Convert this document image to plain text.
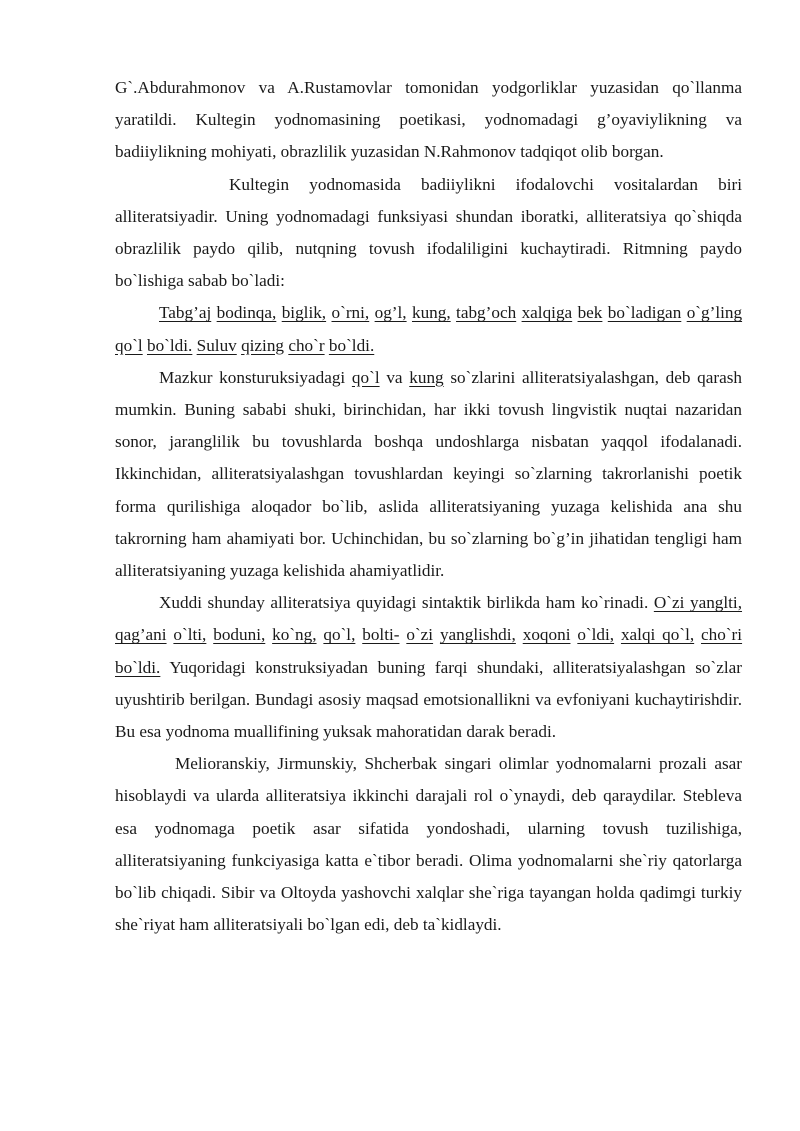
G`.Abdurahmonov va A.Rustamovlar tomonidan yodgorliklar yuzasidan qo`llanma yaratildi. Kultegin yodnomasining poetikasi, yodnomadagi g’oyaviylikning va badiiylikning mohiyati, obrazlilik yuzasidan N.Rahmonov tadqiqot olib borgan.

Kultegin yodnomasida badiiylikni ifodalovchi vositalardan biri alliteratsiyadir. Uning yodnomadagi funksiyasi shundan iboratki, alliteratsiya qo`shiqda obrazlilik paydo qilib, nutqning tovush ifodaliligini kuchaytiradi. Ritmning paydo bo`lishiga sabab bo`ladi:

Tabg’aj bodinqa, biglik, o`rni, og’l, kung, tabg’och xalqiga bek bo`ladigan o`g’ling qo`l bo`ldi. Suluv qizing cho`r bo`ldi.

Mazkur konsturuksiyadagi qo`l va kung so`zlarini alliteratsiyalashgan, deb qarash mumkin. Buning sababi shuki, birinchidan, har ikki tovush lingvistik nuqtai nazaridan sonor, jaranglilik bu tovushlarda boshqa undoshlarga nisbatan yaqqol ifodalanadi. Ikkinchidan, alliteratsiyalashgan tovushlardan keyingi so`zlarning takrorlanishi poetik forma qurilishiga aloqador bo`lib, aslida alliteratsiyaning yuzaga kelishida ana shu takrorning ham ahamiyati bor. Uchinchidan, bu so`zlarning bo`g’in jihatidan tengligi ham alliteratsiyaning yuzaga kelishida ahamiyatlidir.

Xuddi shunday alliteratsiya quyidagi sintaktik birlikda ham ko`rinadi. O`zi yanglti, qag’ani o`lti, boduni, ko`ng, qo`l, bolti- o`zi yanglishdi, xoqoni o`ldi, xalqi qo`l, cho`ri bo`ldi. Yuqoridagi konstruksiyadan buning farqi shundaki, alliteratsiyalashgan so`zlar uyushtirib berilgan. Bundagi asosiy maqsad emotsionallikni va evfoniyani kuchaytirishdir. Bu esa yodnoma muallifining yuksak mahoratidan darak beradi.

Melioranskiy, Jirmunskiy, Shcherbak singari olimlar yodnomalarni prozali asar hisoblaydi va ularda alliteratsiya ikkinchi darajali rol o`ynaydi, deb qaraydilar. Stebleva esa yodnomaga poetik asar sifatida yondoshadi, ularning tovush tuzilishiga, alliteratsiyaning funkciyasiga katta e`tibor beradi. Olima yodnomalarni she`riy qatorlarga bo`lib chiqadi. Sibir va Oltoyda yashovchi xalqlar she`riga tayangan holda qadimgi turkiy she`riyat ham alliteratsiyali bo`lgan edi, deb ta`kidlaydi.
